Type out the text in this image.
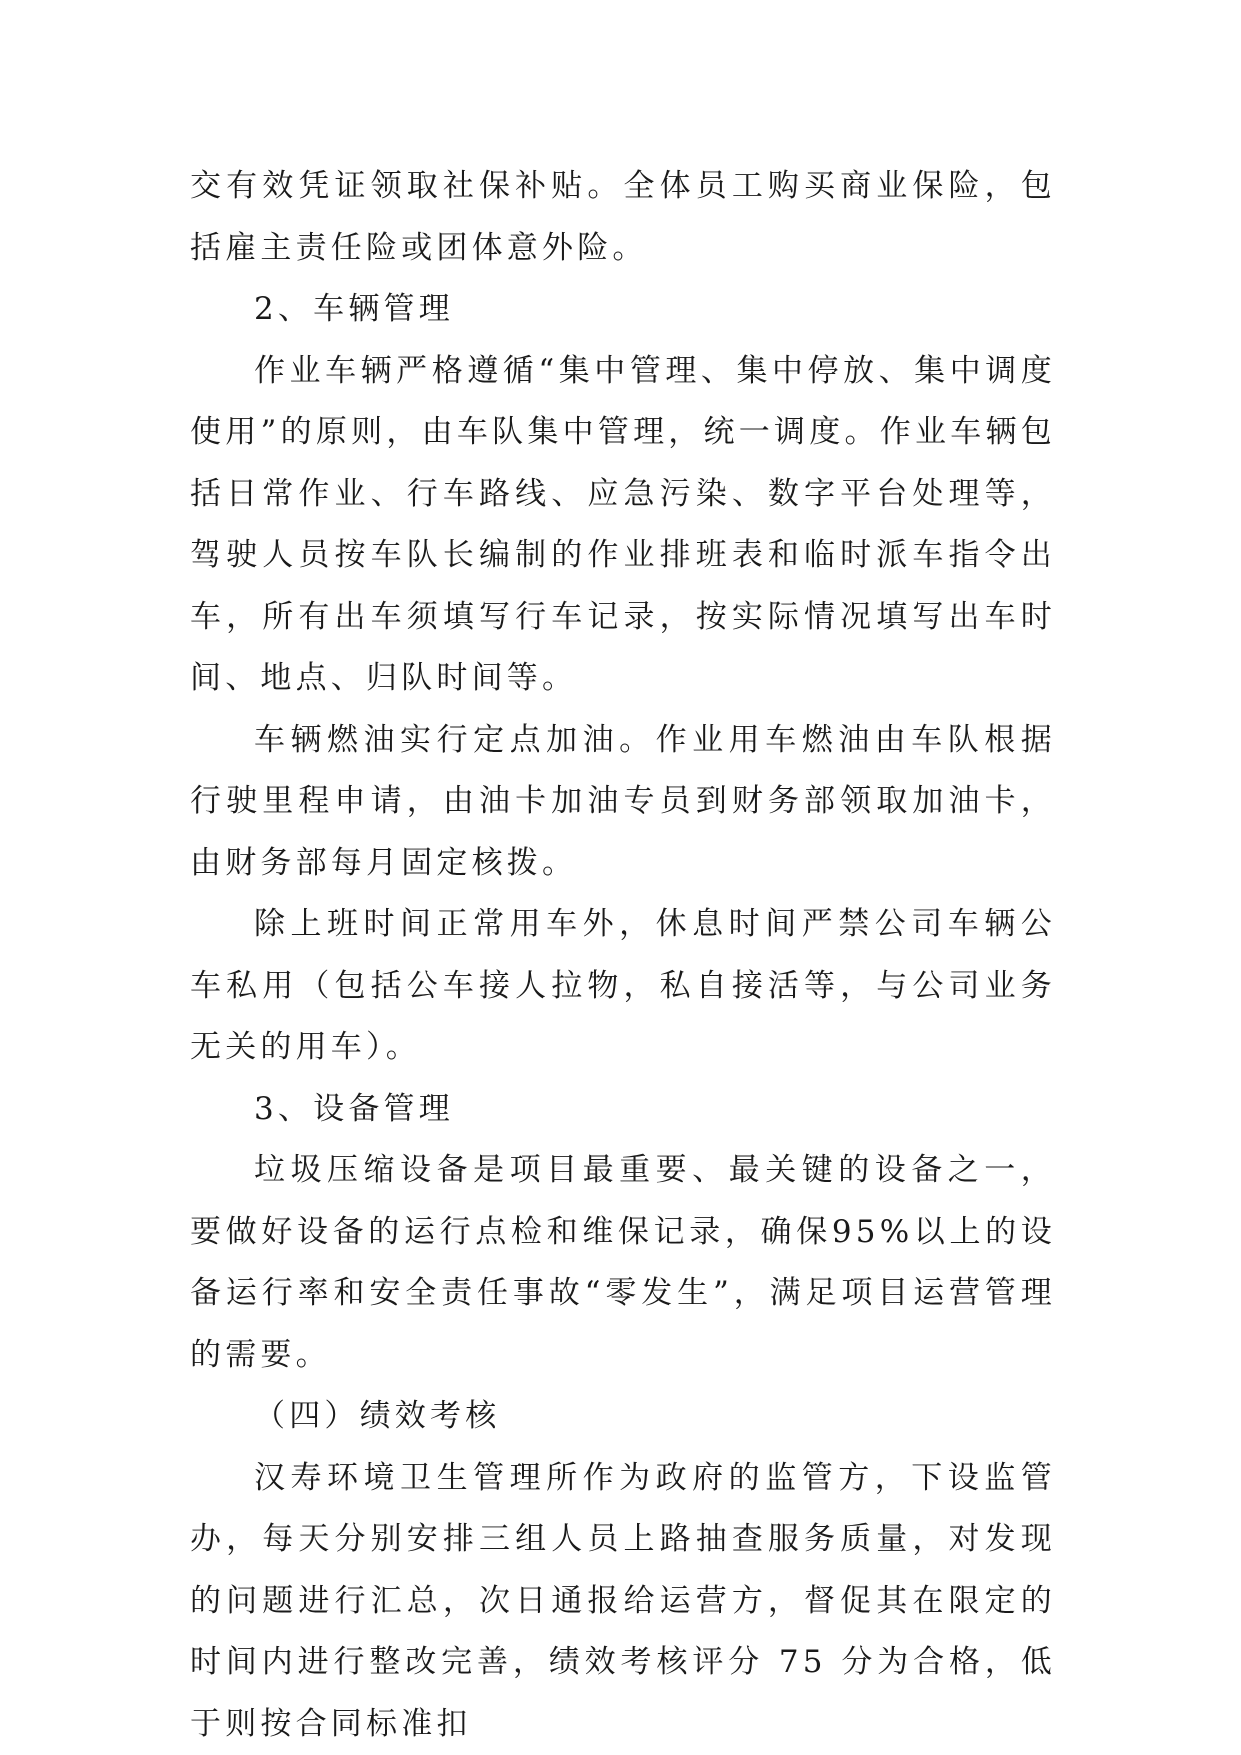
交有效凭证领取社保补贴。全体员工购买商业保险，包括雇主责任险或团体意外险。

2、车辆管理

作业车辆严格遵循“集中管理、集中停放、集中调度使用”的原则，由车队集中管理，统一调度。作业车辆包括日常作业、行车路线、应急污染、数字平台处理等，驾驶人员按车队长编制的作业排班表和临时派车指令出车，所有出车须填写行车记录，按实际情况填写出车时间、地点、归队时间等。

车辆燃油实行定点加油。作业用车燃油由车队根据行驶里程申请，由油卡加油专员到财务部领取加油卡，由财务部每月固定核拨。

除上班时间正常用车外，休息时间严禁公司车辆公车私用（包括公车接人拉物，私自接活等，与公司业务无关的用车）。

3、设备管理

垃圾压缩设备是项目最重要、最关键的设备之一，要做好设备的运行点检和维保记录，确保95%以上的设备运行率和安全责任事故“零发生”，满足项目运营管理的需要。

（四）绩效考核

汉寿环境卫生管理所作为政府的监管方，下设监管办，每天分别安排三组人员上路抽查服务质量，对发现的问题进行汇总，次日通报给运营方，督促其在限定的时间内进行整改完善，绩效考核评分 75 分为合格，低于则按合同标准扣
